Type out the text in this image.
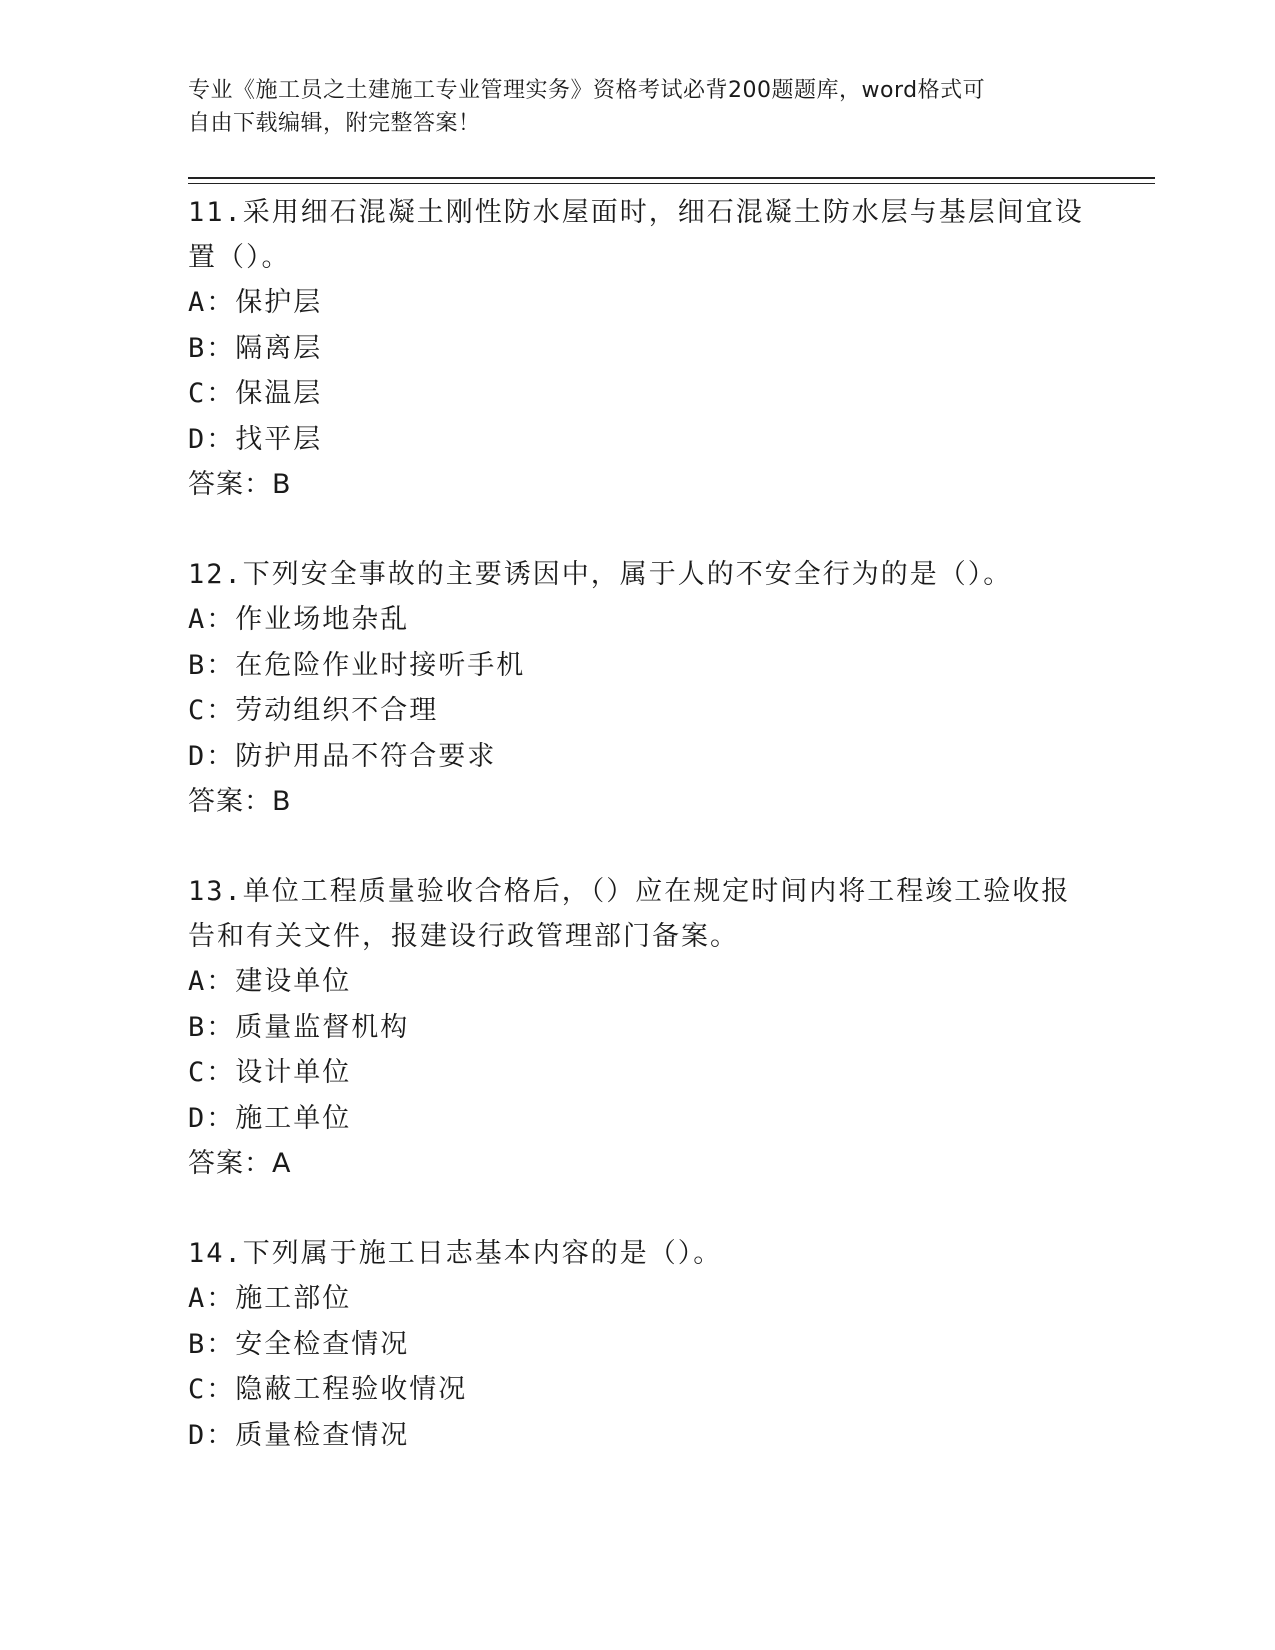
专业《施工员之土建施工专业管理实务》资格考试必背200题题库，word格式可
自由下载编辑，附完整答案！
11.采用细石混凝土刚性防水屋面时，细石混凝土防水层与基层间宜设
置（）。
A：保护层
B：隔离层
C：保温层
D：找平层
答案：B
12.下列安全事故的主要诱因中，属于人的不安全行为的是（）。
A：作业场地杂乱
B：在危险作业时接听手机
C：劳动组织不合理
D：防护用品不符合要求
答案：B
13.单位工程质量验收合格后，（）应在规定时间内将工程竣工验收报
告和有关文件，报建设行政管理部门备案。
A：建设单位
B：质量监督机构
C：设计单位
D：施工单位
答案：A
14.下列属于施工日志基本内容的是（）。
A：施工部位
B：安全检查情况
C：隐蔽工程验收情况
D：质量检查情况
